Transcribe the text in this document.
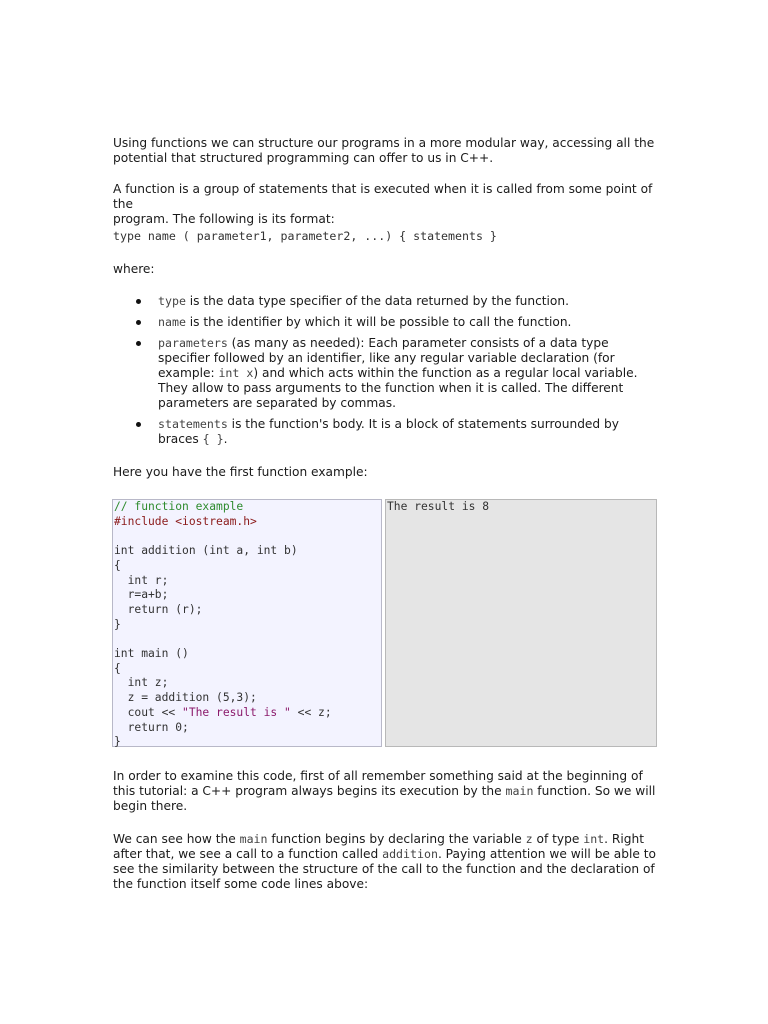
Using functions we can structure our programs in a more modular way, accessing all the

potential that structured programming can offer to us in C++.

A function is a group of statements that is executed when it is called from some point of the

program. The following is its format:

type name ( parameter1, parameter2, ...) { statements }
where:
type is the data type specifier of the data returned by the function.
name is the identifier by which it will be possible to call the function.
parameters (as many as needed): Each parameter consists of a data type specifier followed by an identifier, like any regular variable declaration (for example: int x) and which acts within the function as a regular local variable. They allow to pass arguments to the function when it is called. The different parameters are separated by commas.
statements is the function's body. It is a block of statements surrounded by braces { }.
Here you have the first function example:
// function example
#include <iostream.h>

int addition (int a, int b)
{
int r;
r=a+b;
return (r);
}

int main ()
{
int z;
z = addition (5,3);
cout << "The result is " << z;
return 0;
}
The result is 8

In order to examine this code, first of all remember something said at the beginning of this tutorial: a C++ program always begins its execution by the main function. So we will begin there.

We can see how the main function begins by declaring the variable z of type int. Right after that, we see a call to a function called addition. Paying attention we will be able to see the similarity between the structure of the call to the function and the declaration of the function itself some code lines above:
